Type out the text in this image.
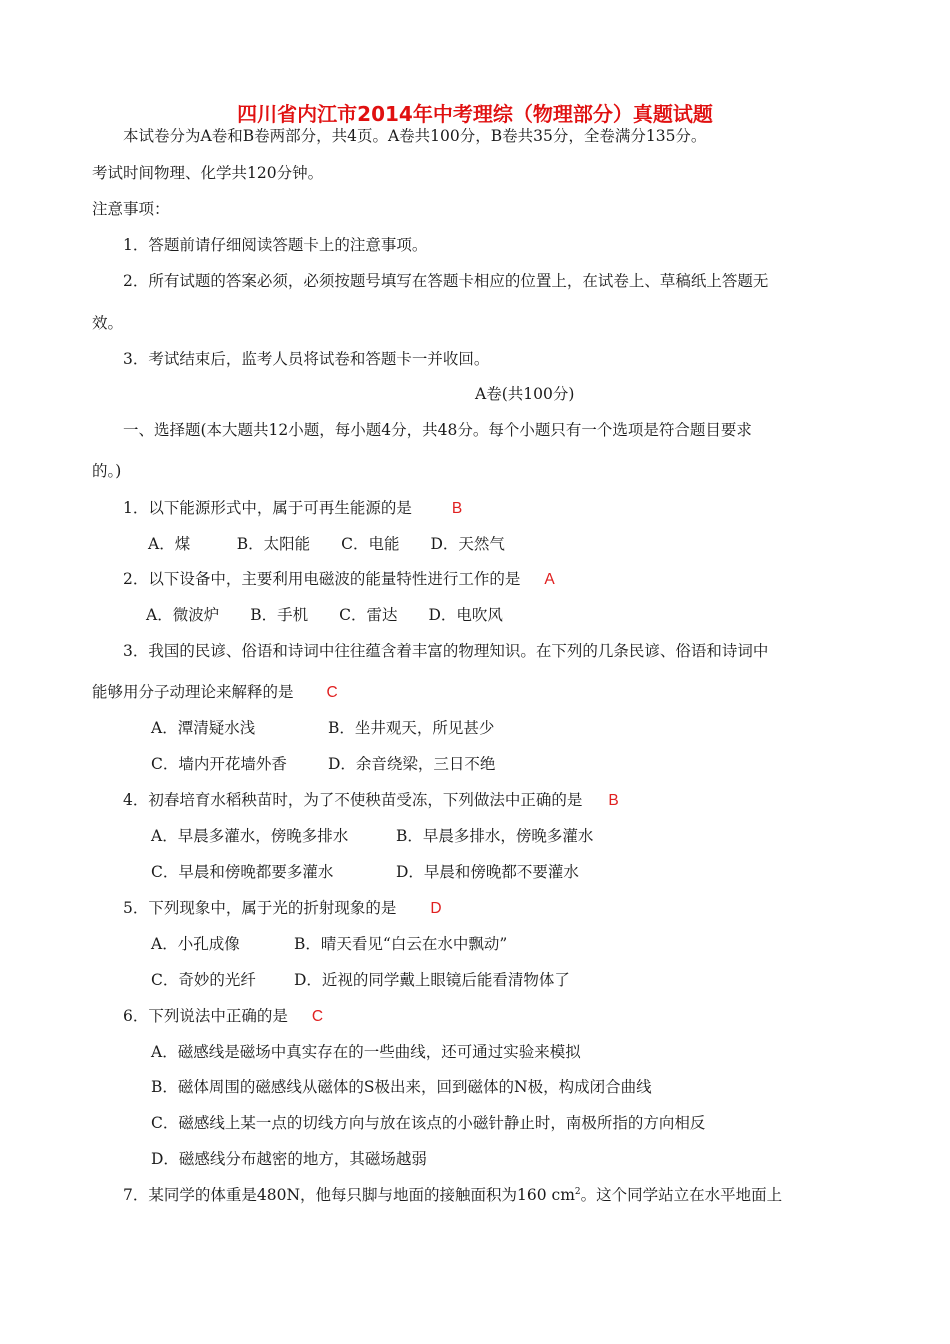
四川省内江市2014年中考理综（物理部分）真题试题
本试卷分为A卷和B卷两部分，共4页。A卷共100分，B卷共35分，全卷满分135分。
考试时间物理、化学共120分钟。
注意事项：
1．答题前请仔细阅读答题卡上的注意事项。
2．所有试题的答案必须，必须按题号填写在答题卡相应的位置上，在试卷上、草稿纸上答题无
效。
3．考试结束后，监考人员将试卷和答题卡一并收回。
A卷(共100分)
一、选择题(本大题共12小题，每小题4分，共48分。每个小题只有一个选项是符合题目要求
的。)
1．以下能源形式中，属于可再生能源的是	B
A．煤　　　B．太阳能　　C．电能　　D．天然气
2．以下设备中，主要利用电磁波的能量特性进行工作的是 A
A．微波炉　　B．手机　　C．雷达　　D．电吹风
3．我国的民谚、俗语和诗词中往往蕴含着丰富的物理知识。在下列的几条民谚、俗语和诗词中
能够用分子动理论来解释的是 C
A．潭清疑水浅	B．坐井观天，所见甚少
C．墙内开花墙外香	D．余音绕梁，三日不绝
4．初春培育水稻秧苗时，为了不使秧苗受冻，下列做法中正确的是 B
A．早晨多灌水，傍晚多排水	B．早晨多排水，傍晚多灌水
C．早晨和傍晚都要多灌水	D．早晨和傍晚都不要灌水
5．下列现象中，属于光的折射现象的是 D
A．小孔成像	B．晴天看见“白云在水中飘动”
C．奇妙的光纤 D．近视的同学戴上眼镜后能看清物体了
6．下列说法中正确的是 C
A．磁感线是磁场中真实存在的一些曲线，还可通过实验来模拟
B．磁体周围的磁感线从磁体的S极出来，回到磁体的N极，构成闭合曲线
C．磁感线上某一点的切线方向与放在该点的小磁针静止时，南极所指的方向相反
D．磁感线分布越密的地方，其磁场越弱
7．某同学的体重是480N，他每只脚与地面的接触面积为160 $cm^2$。这个同学站立在水平地面上
